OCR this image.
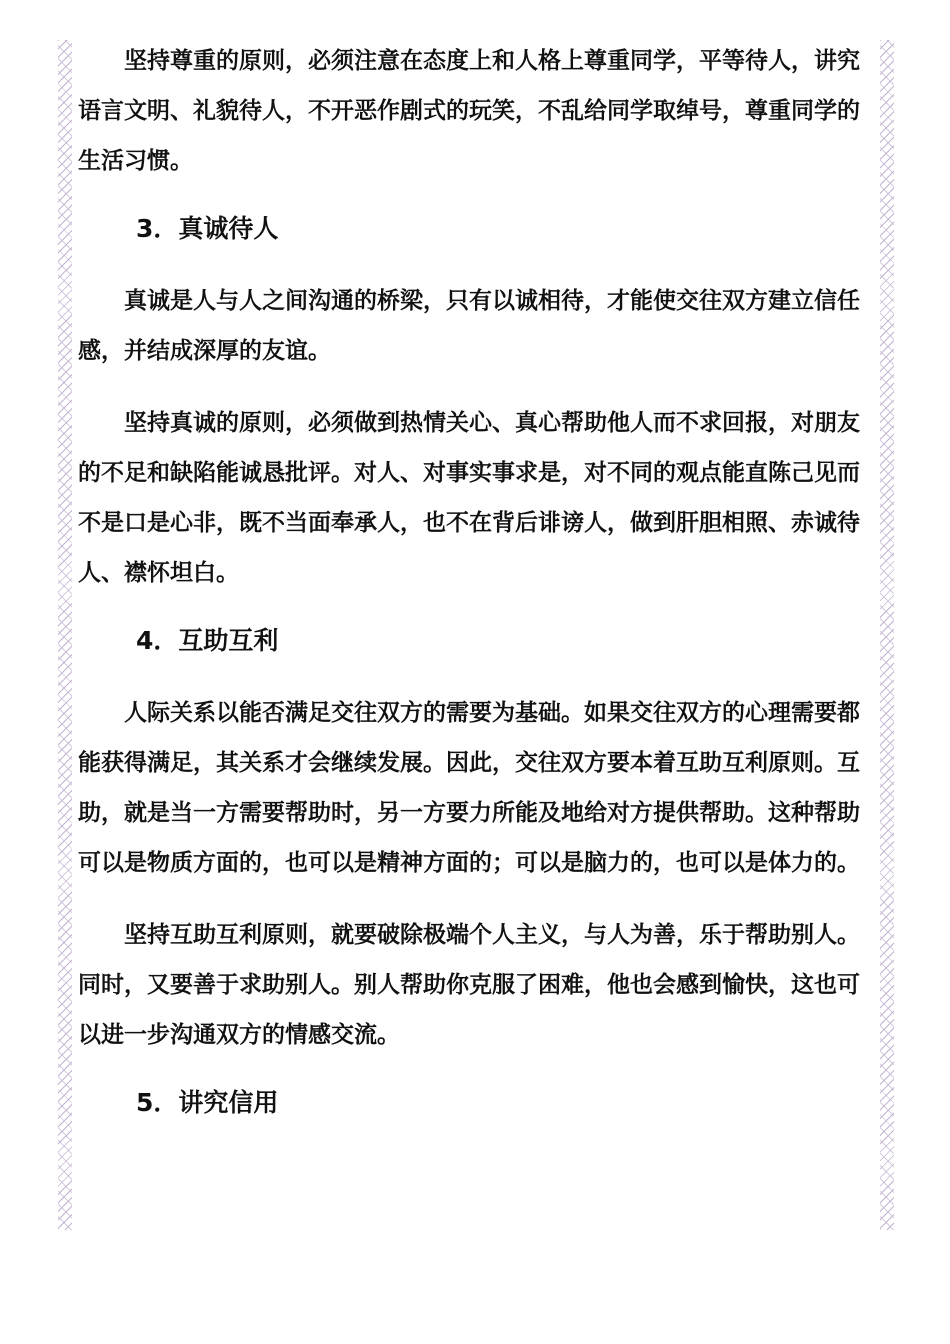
坚持尊重的原则，必须注意在态度上和人格上尊重同学，平等待人，讲究语言文明、礼貌待人，不开恶作剧式的玩笑，不乱给同学取绰号，尊重同学的生活习惯。

3．真诚待人

真诚是人与人之间沟通的桥梁，只有以诚相待，才能使交往双方建立信任感，并结成深厚的友谊。

坚持真诚的原则，必须做到热情关心、真心帮助他人而不求回报，对朋友的不足和缺陷能诚恳批评。对人、对事实事求是，对不同的观点能直陈己见而不是口是心非，既不当面奉承人，也不在背后诽谤人，做到肝胆相照、赤诚待人、襟怀坦白。

4．互助互利

人际关系以能否满足交往双方的需要为基础。如果交往双方的心理需要都能获得满足，其关系才会继续发展。因此，交往双方要本着互助互利原则。互助，就是当一方需要帮助时，另一方要力所能及地给对方提供帮助。这种帮助可以是物质方面的，也可以是精神方面的；可以是脑力的，也可以是体力的。

坚持互助互利原则，就要破除极端个人主义，与人为善，乐于帮助别人。同时，又要善于求助别人。别人帮助你克服了困难，他也会感到愉快，这也可以进一步沟通双方的情感交流。

5．讲究信用
